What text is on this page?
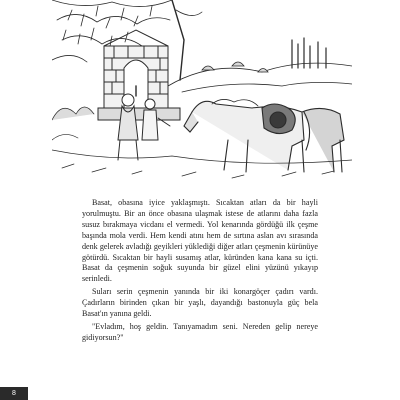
Basat, obasına iyice yaklaşmıştı. Sıcaktan atları da bir hayli yorulmuştu. Bir an önce obasına ulaşmak istese de atlarını daha fazla susuz bırakmaya vicdanı el vermedi. Yol kenarında gördüğü ilk çeşme başında mola verdi. Hem kendi atını hem de sırtına aslan avı sırasında denk gelerek avladığı geyikleri yüklediği diğer atları çeşmenin kürünüye götürdü. Sıcaktan bir hayli susamış atlar, küründen kana kana su içti. Basat da çeşmenin soğuk suyunda bir güzel elini yüzünü yıkayıp serinledi.

Suları serin çeşmenin yanında bir iki konargöçer çadırı vardı. Çadırların birinden çıkan bir yaşlı, dayandığı bastonuyla güç bela Basat'ın yanına geldi.

"Evladım, hoş geldin. Tanıyamadım seni. Nereden gelip nereye gidiyorsun?"

8
